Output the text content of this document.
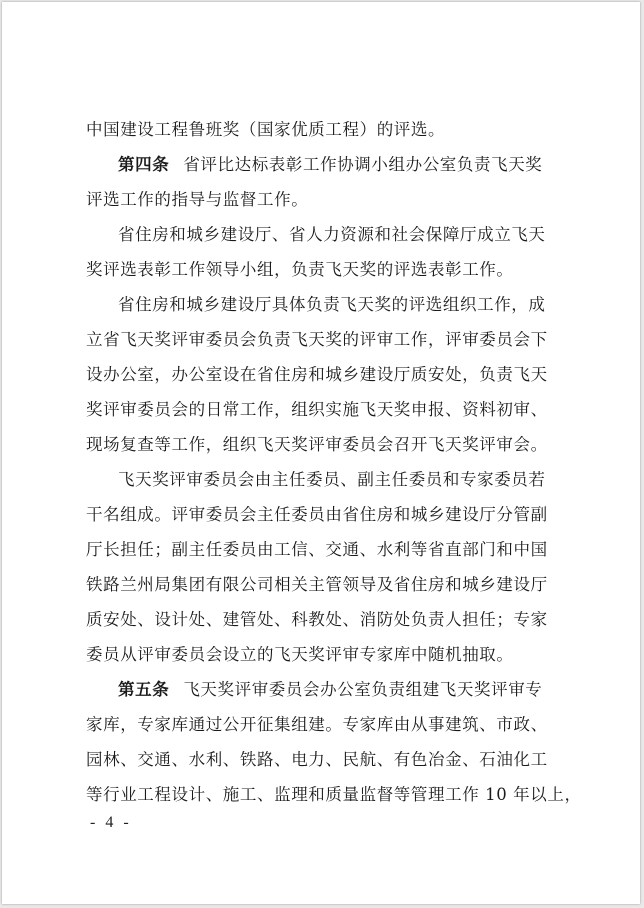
中国建设工程鲁班奖（国家优质工程）的评选。
第四条 省评比达标表彰工作协调小组办公室负责飞天奖
评选工作的指导与监督工作。
省住房和城乡建设厅、省人力资源和社会保障厅成立飞天
奖评选表彰工作领导小组，负责飞天奖的评选表彰工作。
省住房和城乡建设厅具体负责飞天奖的评选组织工作，成
立省飞天奖评审委员会负责飞天奖的评审工作，评审委员会下
设办公室，办公室设在省住房和城乡建设厅质安处，负责飞天
奖评审委员会的日常工作，组织实施飞天奖申报、资料初审、
现场复查等工作，组织飞天奖评审委员会召开飞天奖评审会。
飞天奖评审委员会由主任委员、副主任委员和专家委员若
干名组成。评审委员会主任委员由省住房和城乡建设厅分管副
厅长担任；副主任委员由工信、交通、水利等省直部门和中国
铁路兰州局集团有限公司相关主管领导及省住房和城乡建设厅
质安处、设计处、建管处、科教处、消防处负责人担任；专家
委员从评审委员会设立的飞天奖评审专家库中随机抽取。
第五条 飞天奖评审委员会办公室负责组建飞天奖评审专
家库，专家库通过公开征集组建。专家库由从事建筑、市政、
园林、交通、水利、铁路、电力、民航、有色冶金、石油化工
等行业工程设计、施工、监理和质量监督等管理工作 10 年以上，
- 4 -
